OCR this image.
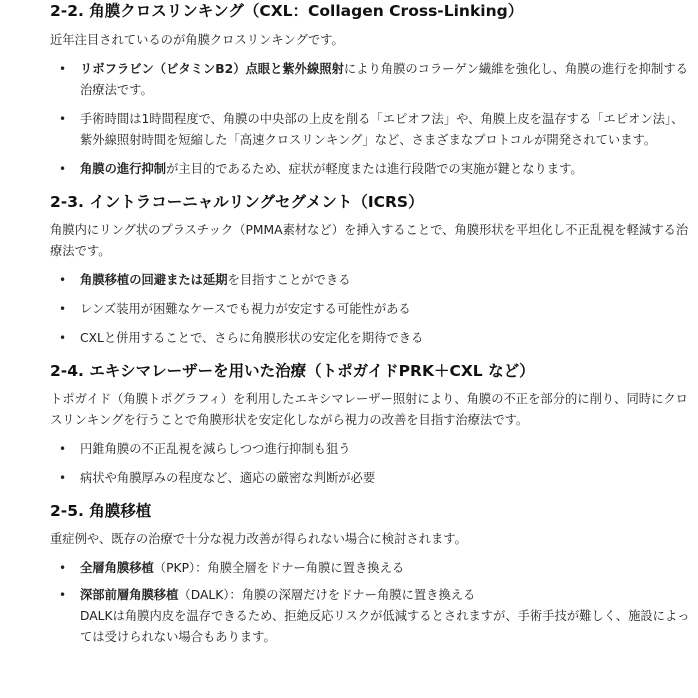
2-2. 角膜クロスリンキング（CXL：Collagen Cross-Linking）

近年注目されているのが角膜クロスリンキングです。

• リボフラビン（ビタミンB2）点眼と紫外線照射により角膜のコラーゲン繊維を強化し、角膜の進行を抑制する治療法です。
• 手術時間は1時間程度で、角膜の中央部の上皮を削る「エピオフ法」や、角膜上皮を温存する「エピオン法」、紫外線照射時間を短縮した「高速クロスリンキング」など、さまざまなプロトコルが開発されています。
• 角膜の進行抑制が主目的であるため、症状が軽度または進行段階での実施が鍵となります。
2-3. イントラコーニャルリングセグメント（ICRS）

角膜内にリング状のプラスチック（PMMA素材など）を挿入することで、角膜形状を平坦化し不正乱視を軽減する治療法です。

• 角膜移植の回避または延期を目指すことができる
• レンズ装用が困難なケースでも視力が安定する可能性がある
• CXLと併用することで、さらに角膜形状の安定化を期待できる
2-4. エキシマレーザーを用いた治療（トポガイドPRK＋CXL など）

トポガイド（角膜トポグラフィ）を利用したエキシマレーザー照射により、角膜の不正を部分的に削り、同時にクロスリンキングを行うことで角膜形状を安定化しながら視力の改善を目指す治療法です。

• 円錐角膜の不正乱視を減らしつつ進行抑制も狙う
• 病状や角膜厚みの程度など、適応の厳密な判断が必要
2-5. 角膜移植

重症例や、既存の治療で十分な視力改善が得られない場合に検討されます。

• 全層角膜移植（PKP）：角膜全層をドナー角膜に置き換える
• 深部前層角膜移植（DALK）：角膜の深層だけをドナー角膜に置き換える
DALKは角膜内皮を温存できるため、拒絶反応リスクが低減するとされますが、手術手技が難しく、施設によっては受けられない場合もあります。
